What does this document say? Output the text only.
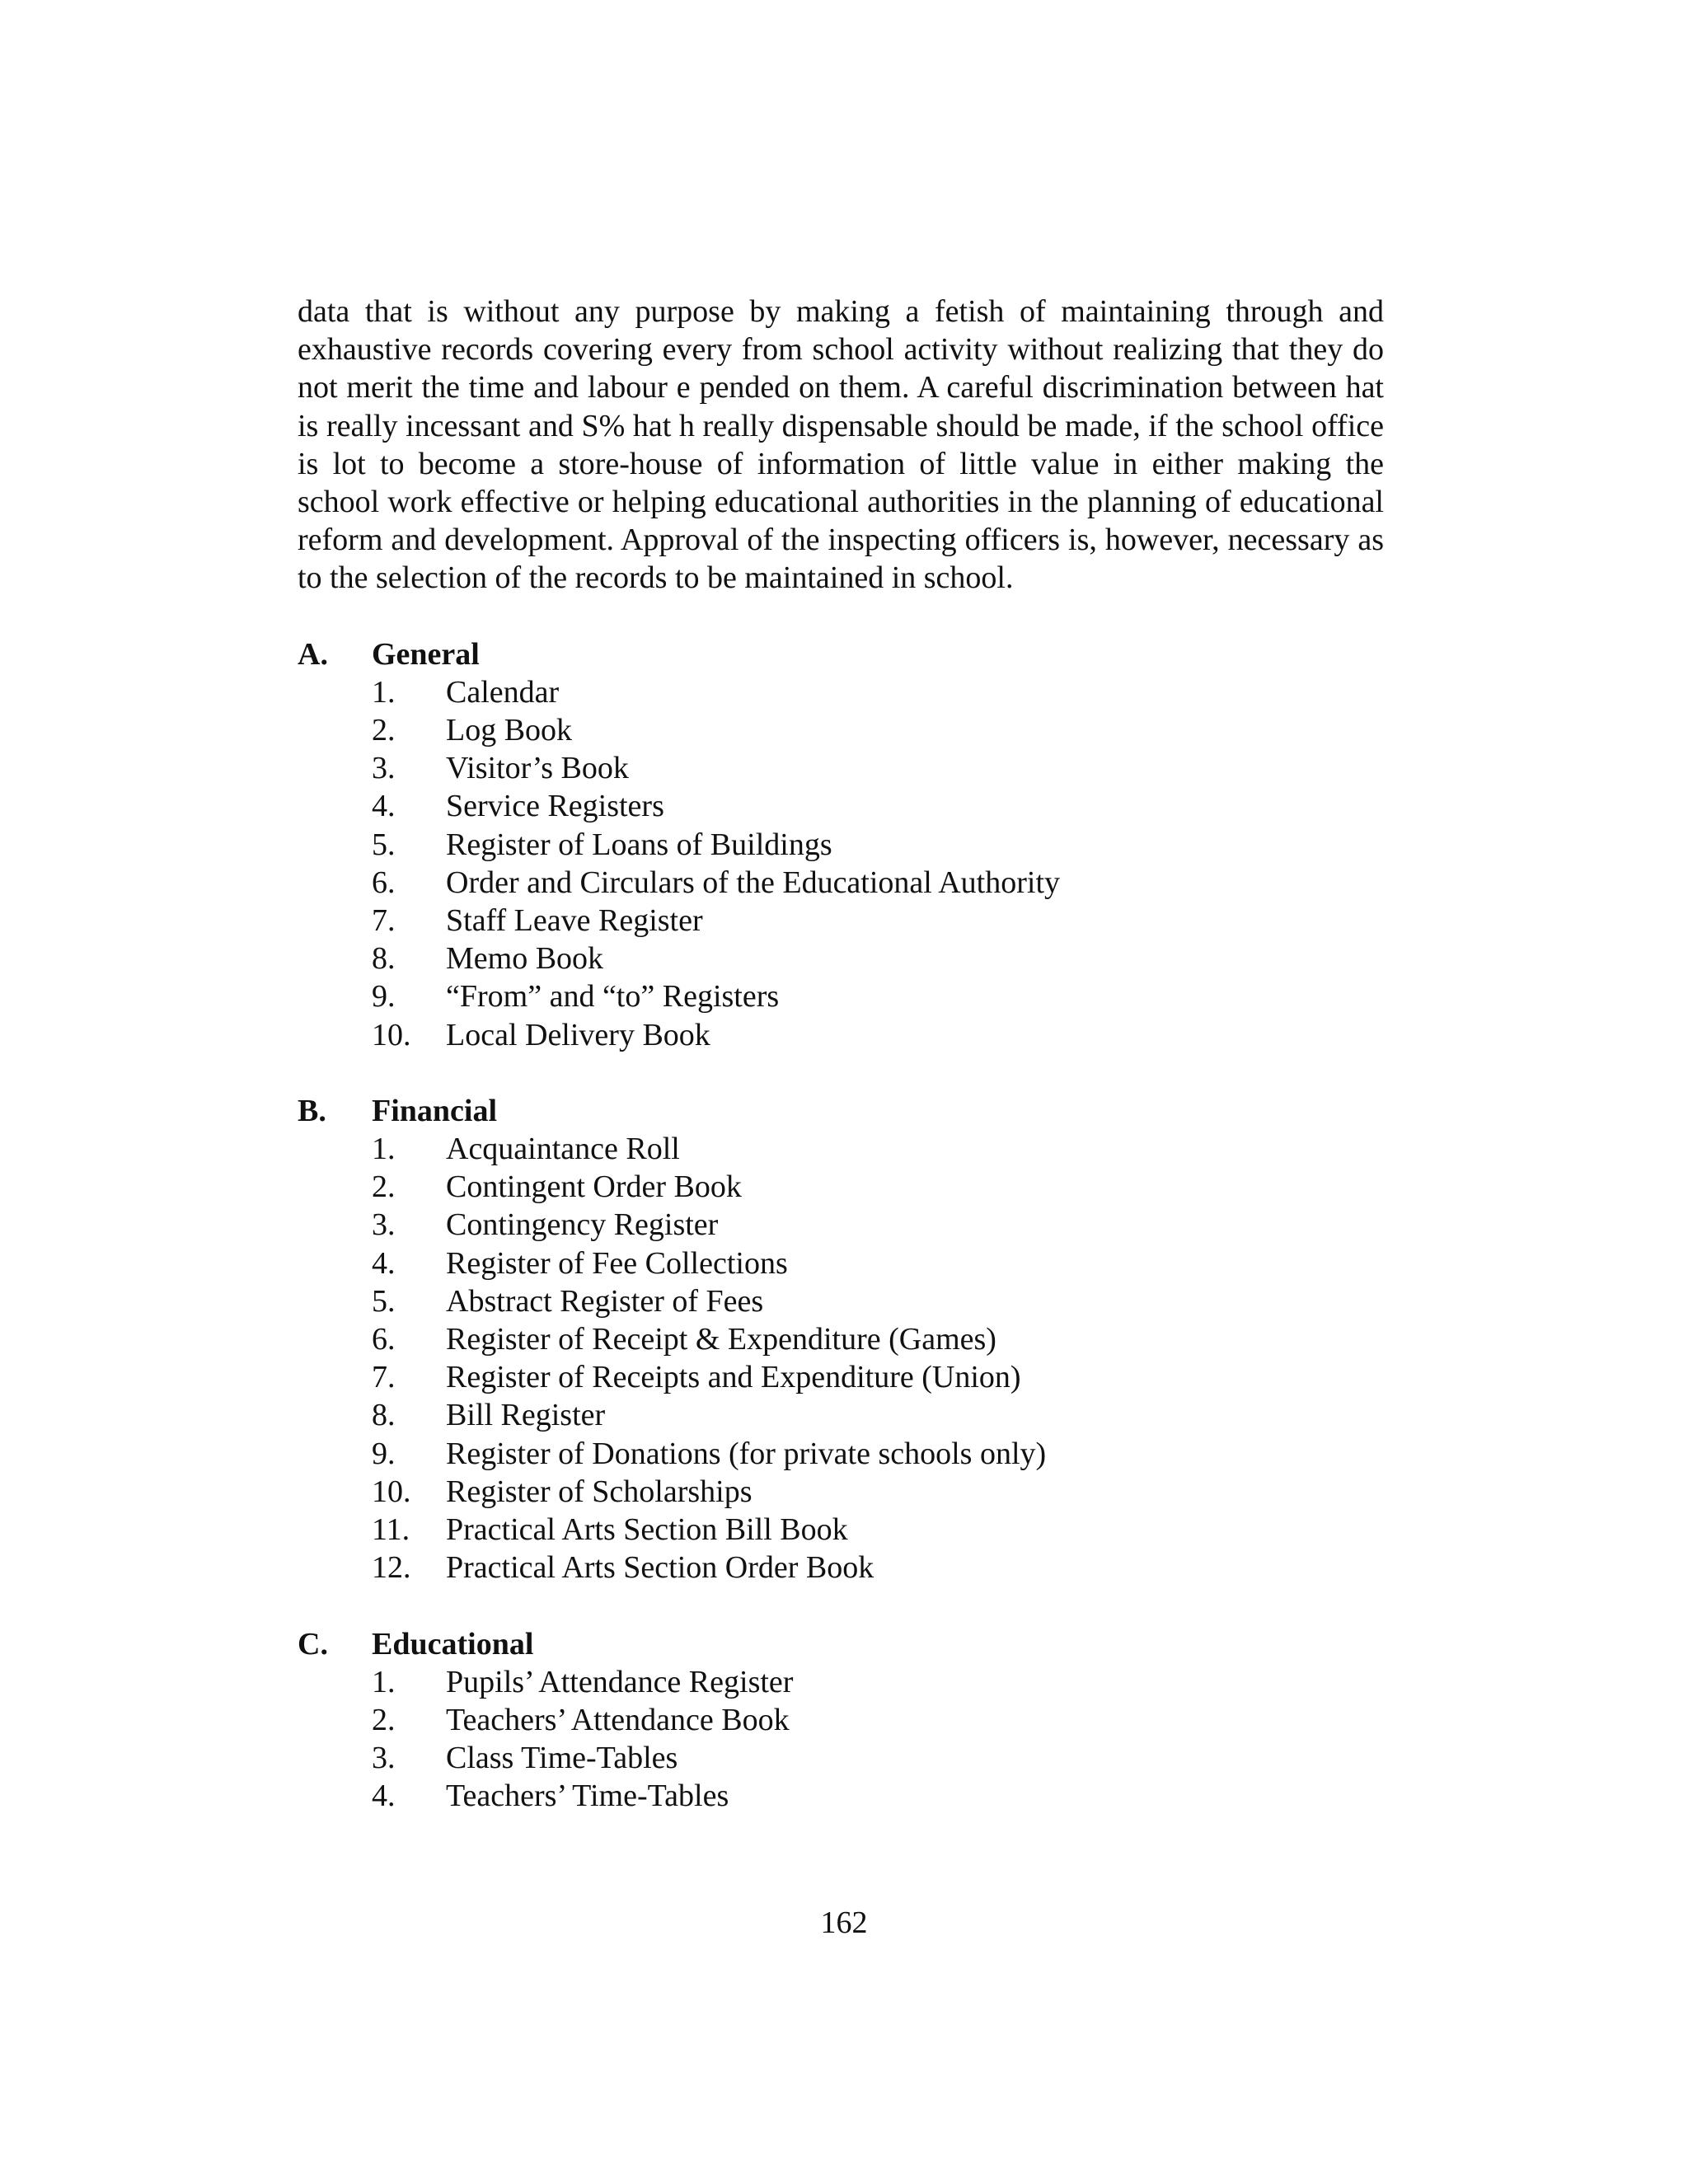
data that is without any purpose by making a fetish of maintaining through and exhaustive records covering every from school activity without realizing that they do not merit the time and labour e pended on them. A careful discrimination between hat is really incessant and S% hat h really dispensable should be made, if the school office is lot to become a store-house of information of little value in either making the school work effective or helping educational authorities in the planning of educational reform and development. Approval of the inspecting officers is, however, necessary as to the selection of the records to be maintained in school.

A.	General
1.	Calendar
2.	Log Book
3.	Visitor’s Book
4.	Service Registers
5.	Register of Loans of Buildings
6.	Order and Circulars of the Educational Authority
7.	Staff Leave Register
8.	Memo Book
9.	“From” and “to” Registers
10.	Local Delivery Book
B.	Financial
1.	Acquaintance Roll
2.	Contingent Order Book
3.	Contingency Register
4.	Register of Fee Collections
5.	Abstract Register of Fees
6.	Register of Receipt & Expenditure (Games)
7.	Register of Receipts and Expenditure (Union)
8.	Bill Register
9.	Register of Donations (for private schools only)
10.	Register of Scholarships
11.	Practical Arts Section Bill Book
12.	Practical Arts Section Order Book
C.	Educational
1.	Pupils’ Attendance Register
2.	Teachers’ Attendance Book
3.	Class Time-Tables
4.	Teachers’ Time-Tables
162
